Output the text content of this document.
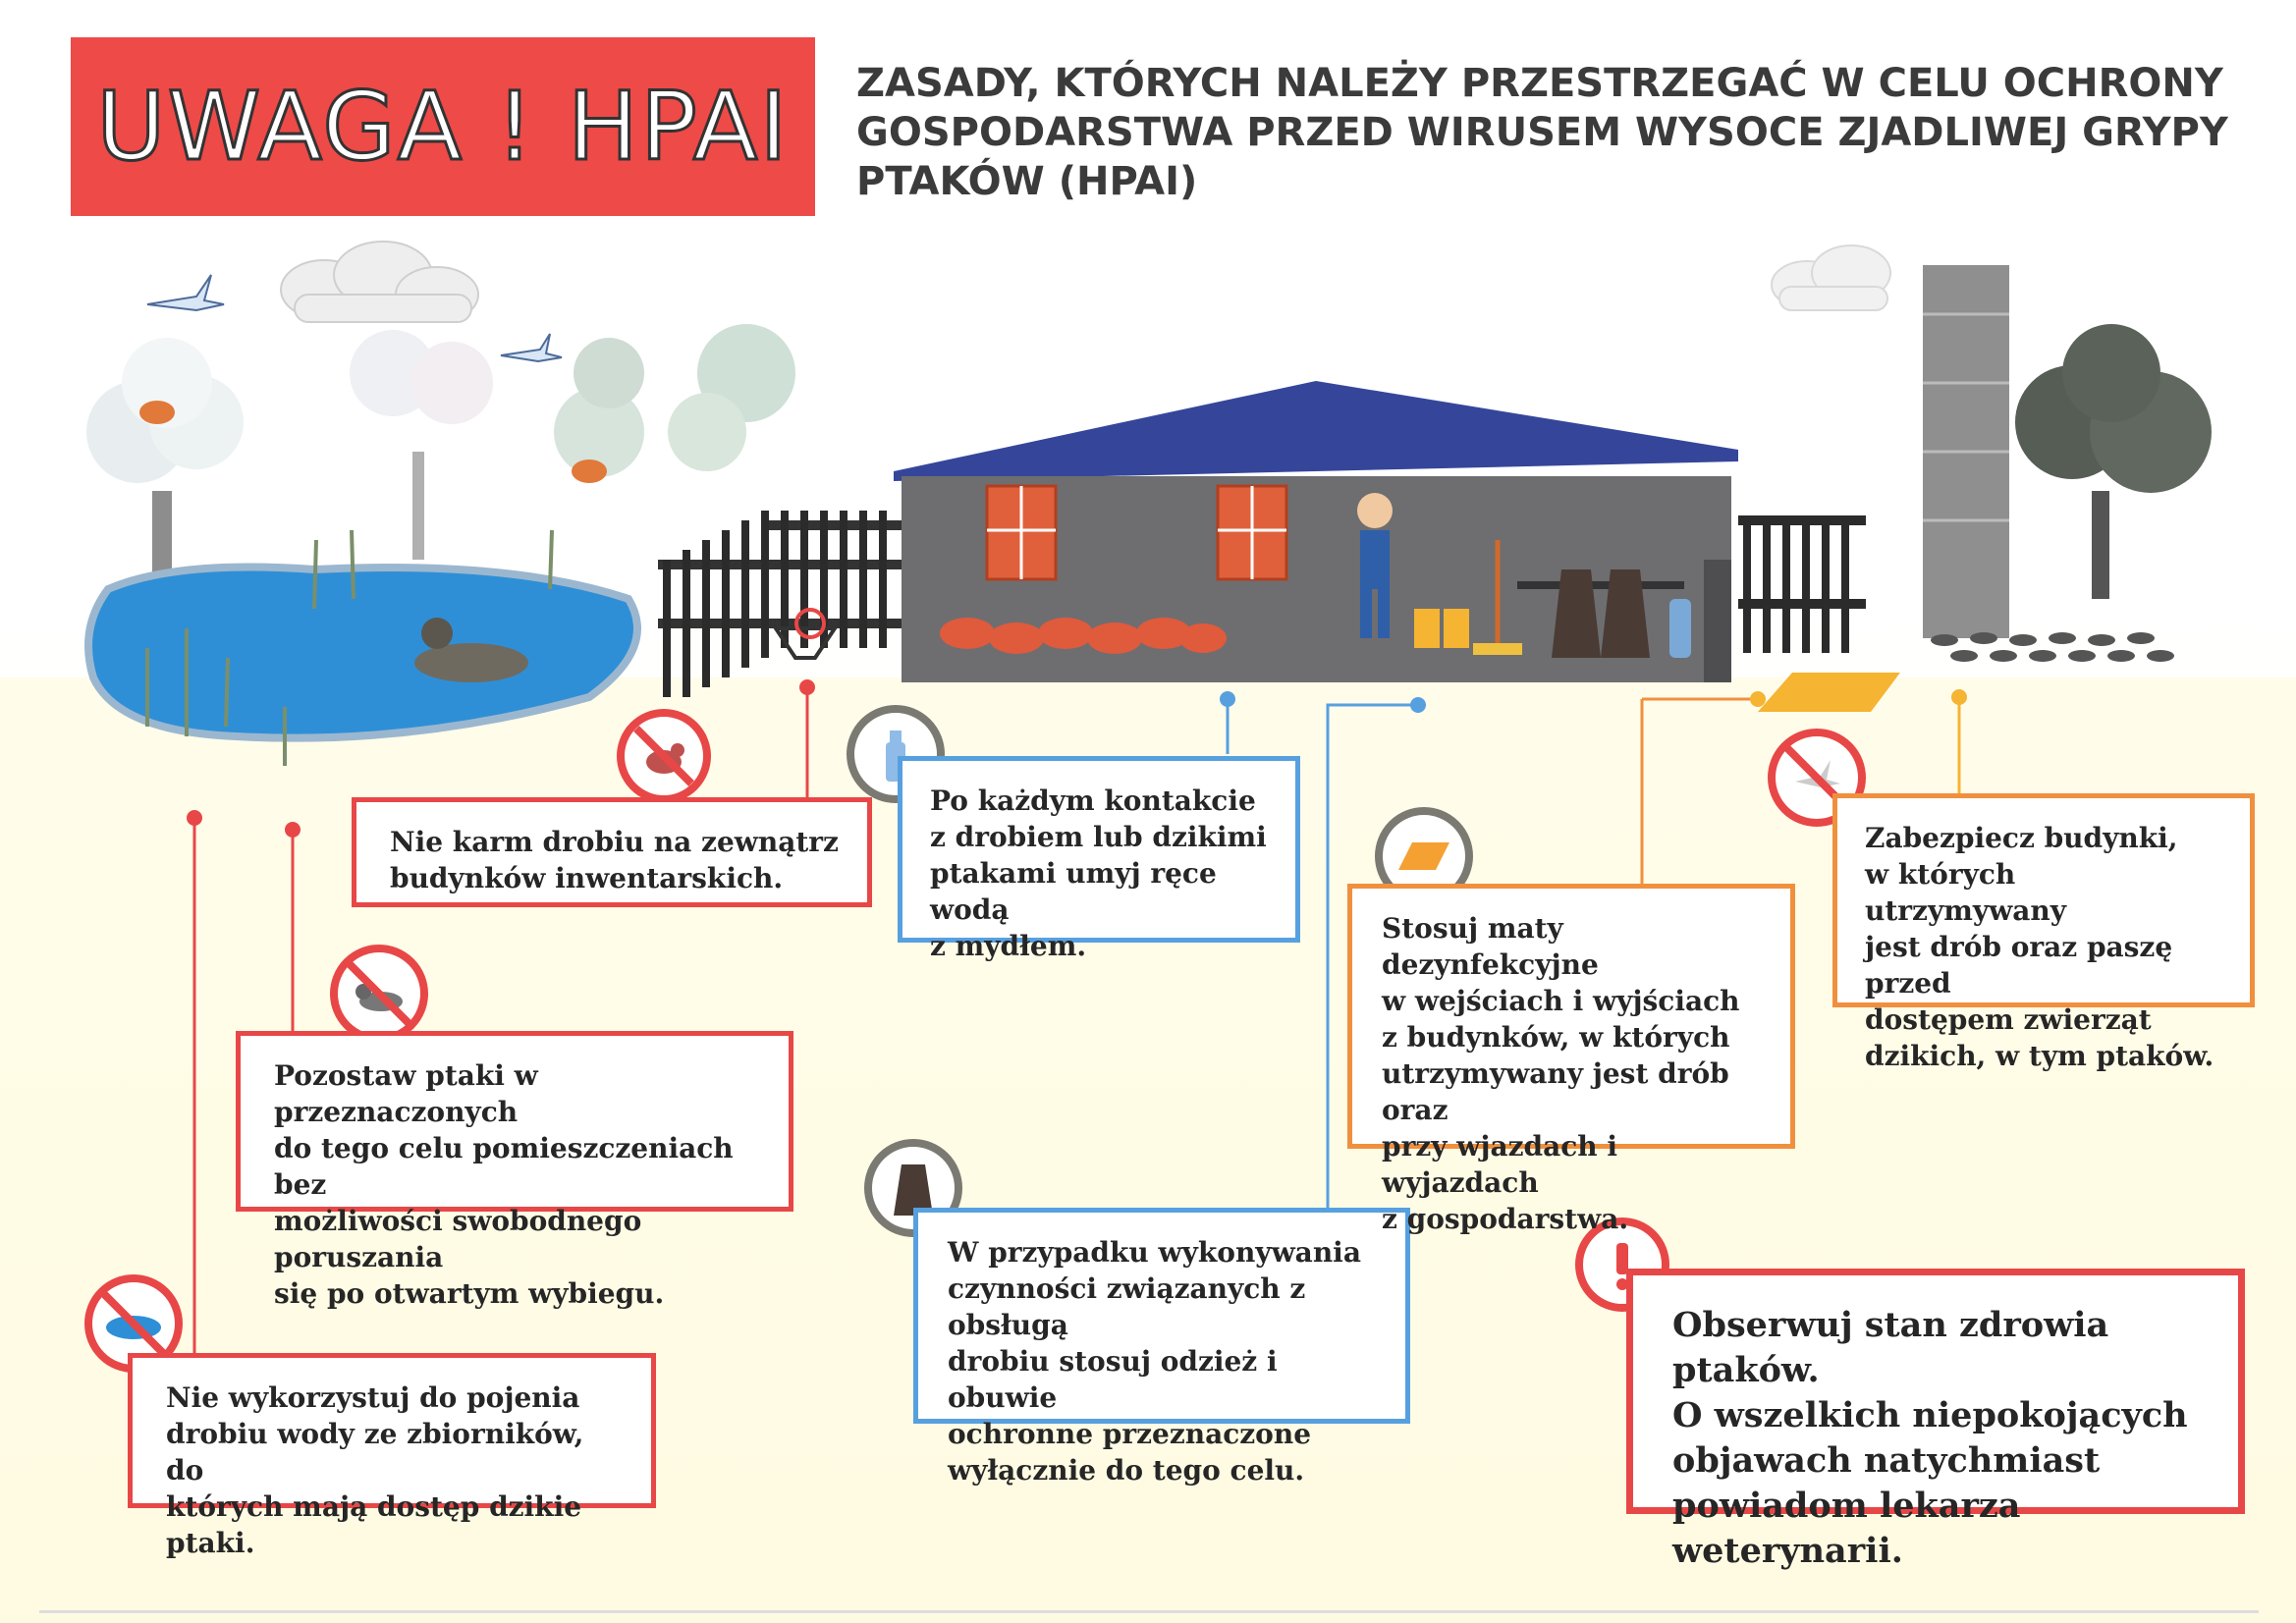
UWAGA ! HPAI	ZASADY, KTÓRYCH NALEŻY PRZESTRZEGAĆ W CELU OCHRONY
GOSPODARSTWA PRZED WIRUSEM WYSOCE ZJADLIWEJ GRYPY
PTAKÓW (HPAI)
Nie karm drobiu na zewnątrz
budynków inwentarskich.
Pozostaw ptaki w przeznaczonych
do tego celu pomieszczeniach bez
możliwości swobodnego poruszania
się po otwartym wybiegu.
Nie wykorzystuj do pojenia
drobiu wody ze zbiorników, do
których mają dostęp dzikie ptaki.
Po każdym kontakcie
z drobiem lub dzikimi
ptakami umyj ręce wodą
z mydłem.
W przypadku wykonywania
czynności związanych z obsługą
drobiu stosuj odzież i obuwie
ochronne przeznaczone
wyłącznie do tego celu.
Stosuj maty dezynfekcyjne
w wejściach i wyjściach
z budynków, w których
utrzymywany jest drób oraz
przy wjazdach i wyjazdach
z gospodarstwa.
Zabezpiecz budynki,
w których utrzymywany
jest drób oraz paszę przed
dostępem zwierząt
dzikich, w tym ptaków.
Obserwuj stan zdrowia ptaków.
O wszelkich niepokojących
objawach natychmiast
powiadom lekarza weterynarii.
